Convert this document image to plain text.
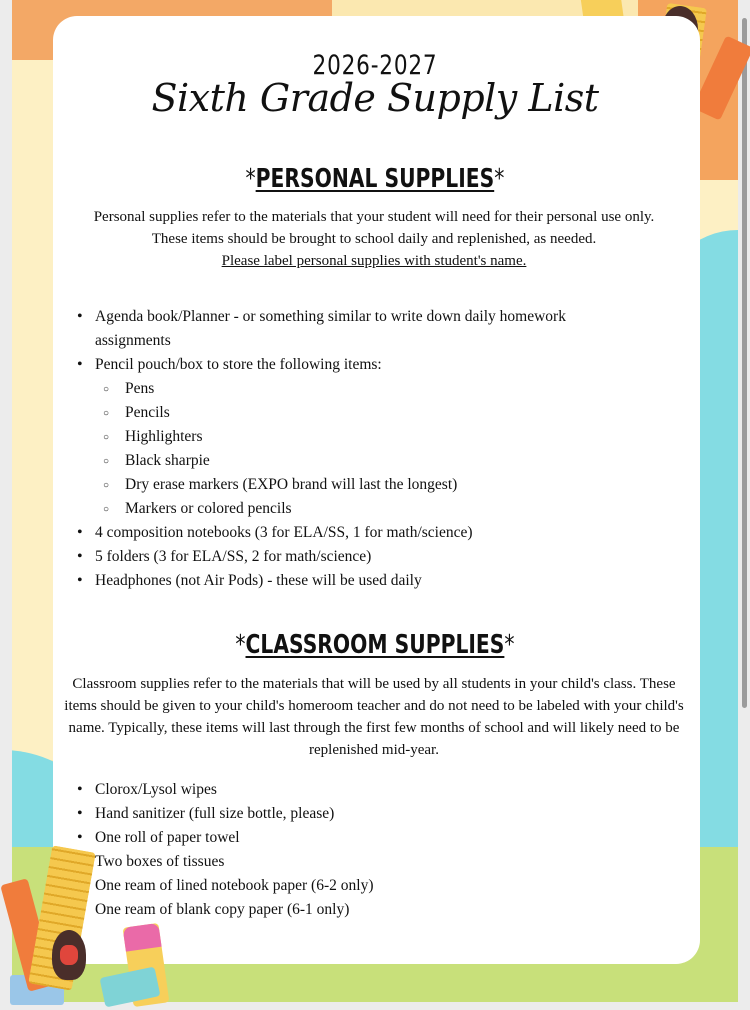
2026-2027
Sixth Grade Supply List
*PERSONAL SUPPLIES*
Personal supplies refer to the materials that your student will need for their personal use only.
These items should be brought to school daily and replenished, as needed.
Please label personal supplies with student's name.
• Agenda book/Planner - or something similar to write down daily homework assignments
• Pencil pouch/box to store the following items:
○ Pens
○ Pencils
○ Highlighters
○ Black sharpie
○ Dry erase markers (EXPO brand will last the longest)
○ Markers or colored pencils
• 4 composition notebooks (3 for ELA/SS, 1 for math/science)
• 5 folders (3 for ELA/SS, 2 for math/science)
• Headphones (not Air Pods) - these will be used daily
*CLASSROOM SUPPLIES*
Classroom supplies refer to the materials that will be used by all students in your child's class. These items should be given to your child's homeroom teacher and do not need to be labeled with your child's name. Typically, these items will last through the first few months of school and will likely need to be replenished mid-year.
• Clorox/Lysol wipes
• Hand sanitizer (full size bottle, please)
• One roll of paper towel
• Two boxes of tissues
• One ream of lined notebook paper (6-2 only)
• One ream of blank copy paper (6-1 only)
